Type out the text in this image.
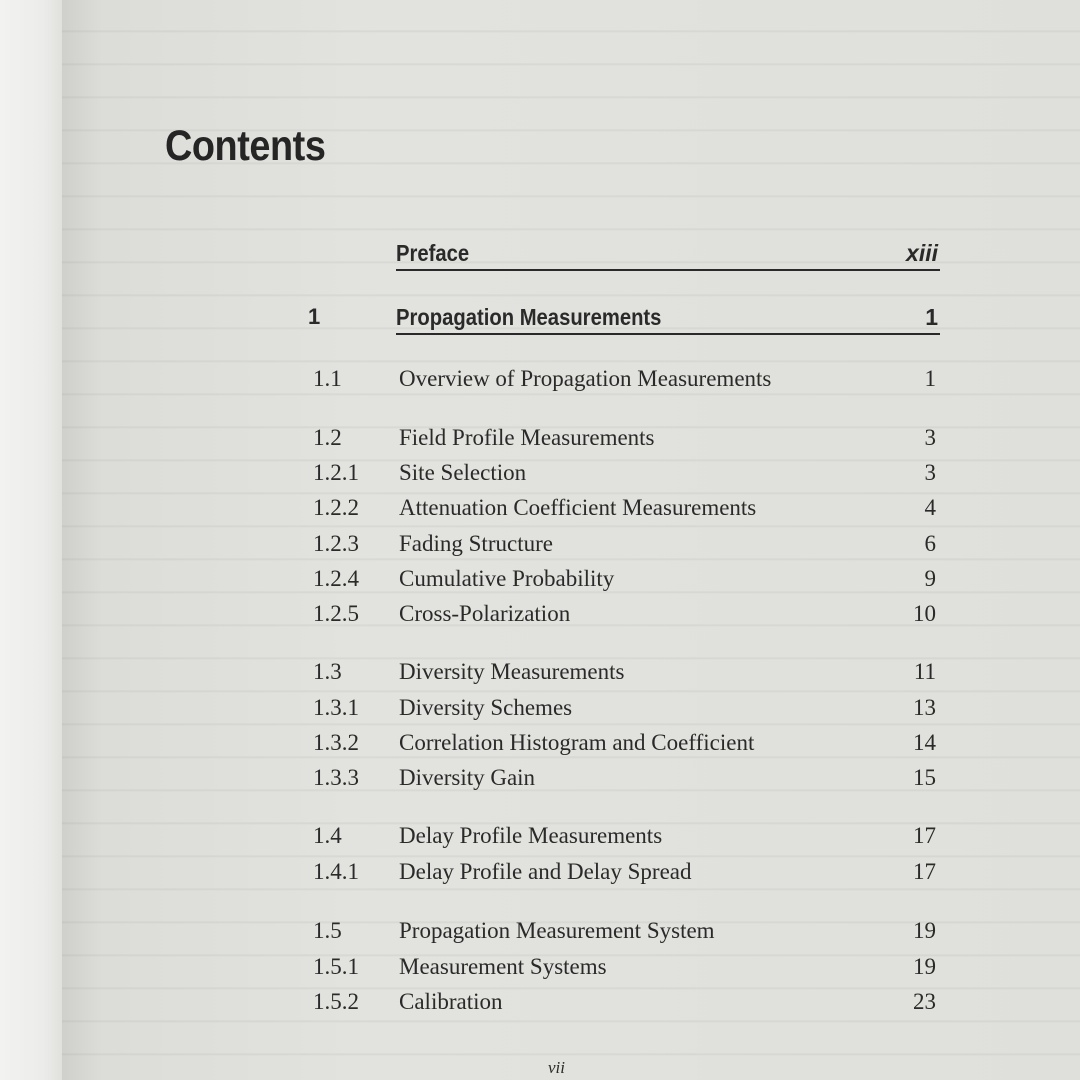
Contents
Preface	xiii
1	Propagation Measurements	1
1.1 Overview of Propagation Measurements	1
1.2 Field Profile Measurements	3
1.2.1 Site Selection	3
1.2.2 Attenuation Coefficient Measurements	4
1.2.3 Fading Structure	6
1.2.4 Cumulative Probability	9
1.2.5 Cross-Polarization	10
1.3 Diversity Measurements	11
1.3.1 Diversity Schemes	13
1.3.2 Correlation Histogram and Coefficient	14
1.3.3 Diversity Gain	15
1.4 Delay Profile Measurements	17
1.4.1 Delay Profile and Delay Spread	17
1.5 Propagation Measurement System	19
1.5.1 Measurement Systems	19
1.5.2 Calibration	23
vii
